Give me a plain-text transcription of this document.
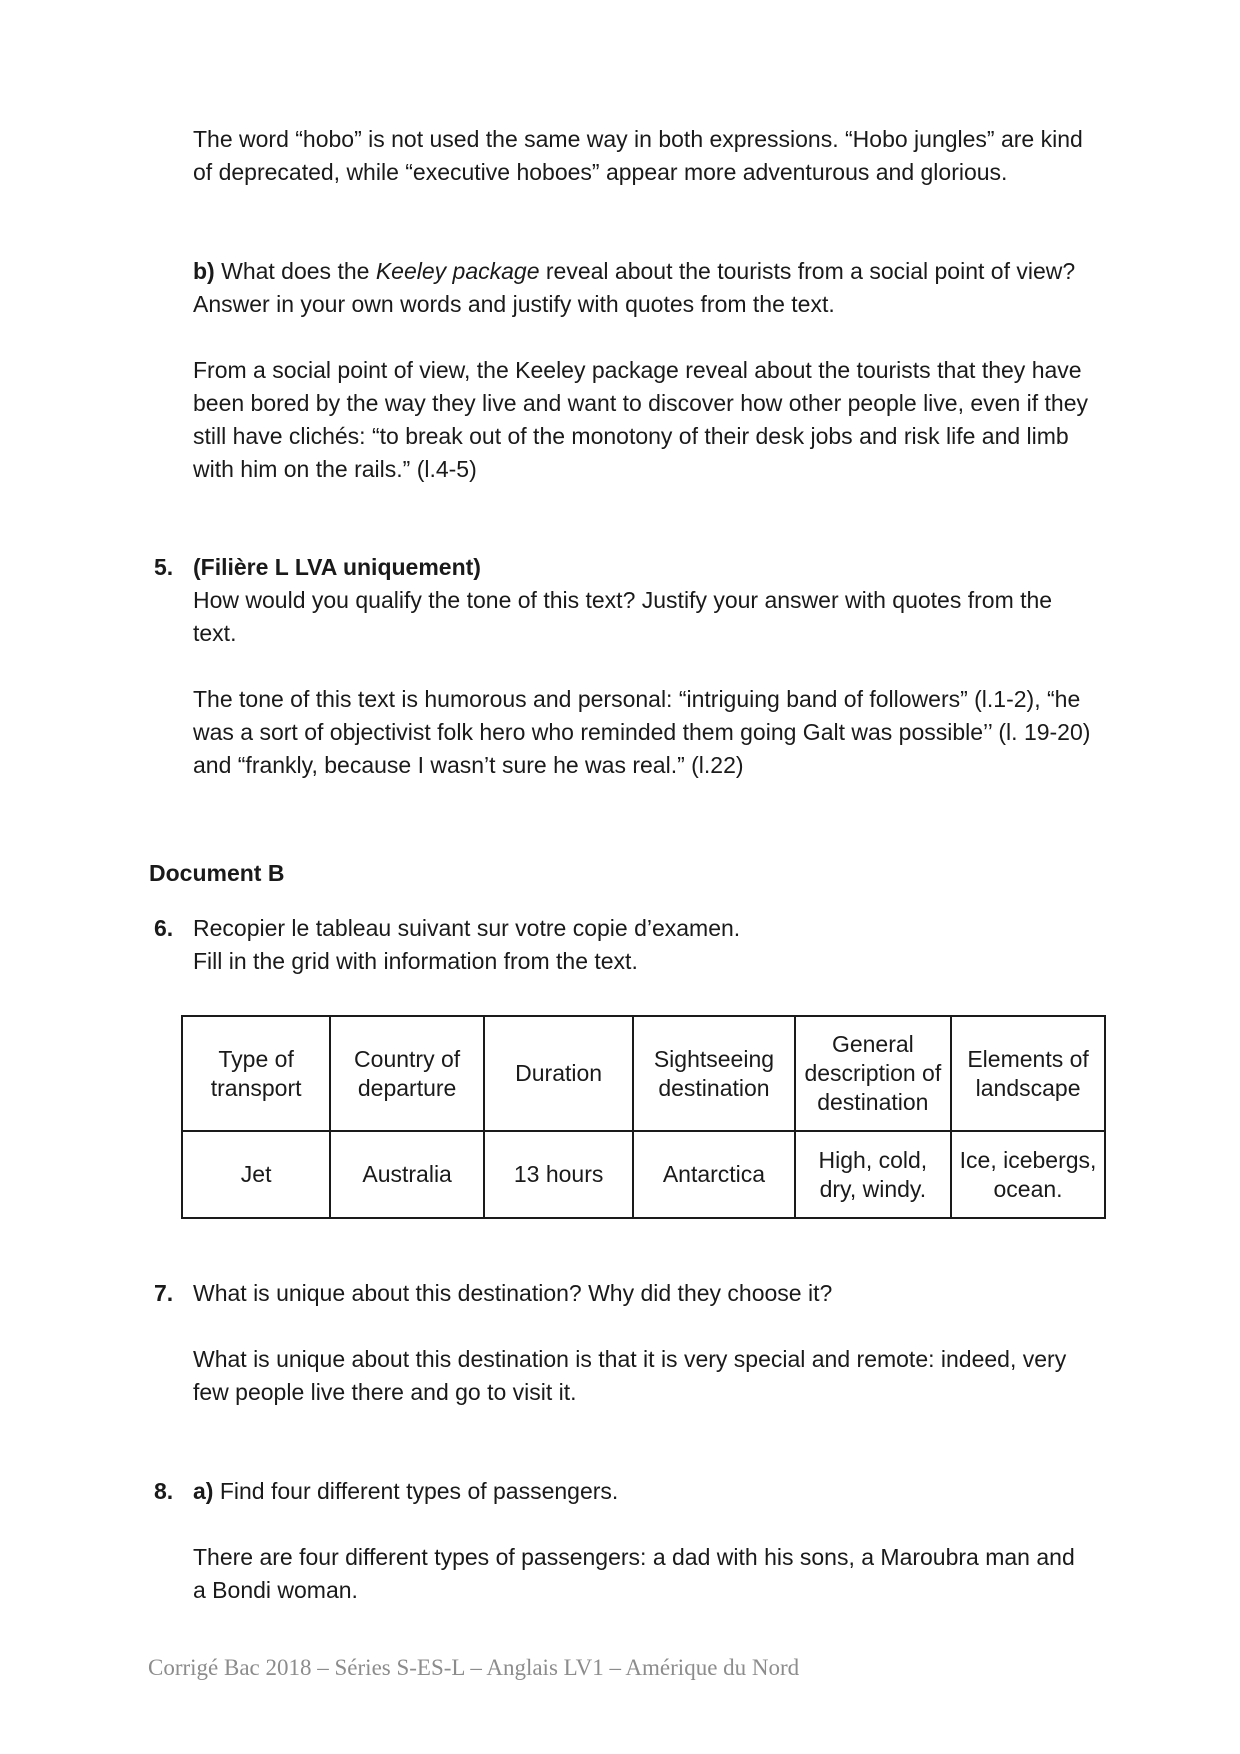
The word “hobo” is not used the same way in both expressions. “Hobo jungles” are kind of deprecated, while “executive hoboes” appear more adventurous and glorious.

b) What does the Keeley package reveal about the tourists from a social point of view? Answer in your own words and justify with quotes from the text.

From a social point of view, the Keeley package reveal about the tourists that they have been bored by the way they live and want to discover how other people live, even if they still have clichés: “to break out of the monotony of their desk jobs and risk life and limb with him on the rails.” (l.4-5)

5. (Filière L LVA uniquement)

How would you qualify the tone of this text? Justify your answer with quotes from the text.

The tone of this text is humorous and personal: “intriguing band of followers” (l.1-2), “he was a sort of objectivist folk hero who reminded them going Galt was possible’’ (l. 19-20) and “frankly, because I wasn’t sure he was real.” (l.22)

Document B

6. Recopier le tableau suivant sur votre copie d’examen.

Fill in the grid with information from the text.

Type of transport	Country of departure	Duration	Sightseeing destination	General description of destination	Elements of landscape
Jet	Australia	13 hours	Antarctica	High, cold, dry, windy.	Ice, icebergs, ocean.

7. What is unique about this destination? Why did they choose it?

What is unique about this destination is that it is very special and remote: indeed, very few people live there and go to visit it.

8. a) Find four different types of passengers.

There are four different types of passengers: a dad with his sons, a Maroubra man and a Bondi woman.

Corrigé Bac 2018 – Séries S-ES-L – Anglais LV1 – Amérique du Nord
